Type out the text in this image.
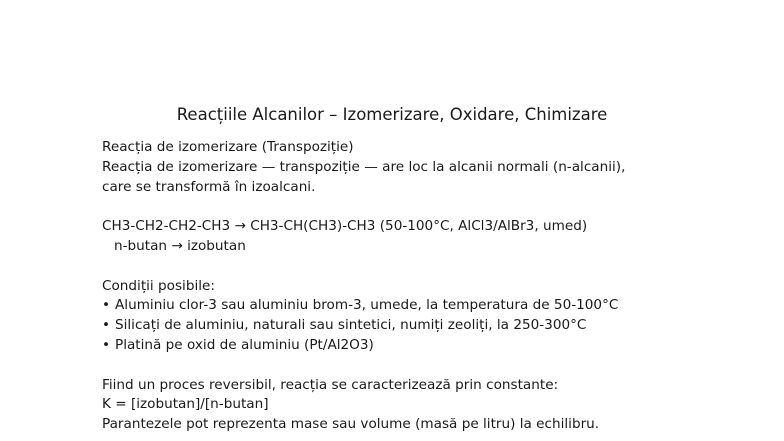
Reacțiile Alcanilor – Izomerizare, Oxidare, Chimizare
Reacția de izomerizare (Transpoziție)
Reacția de izomerizare — transpoziție — are loc la alcanii normali (n-alcanii),
care se transformă în izoalcani.
CH3-CH2-CH2-CH3 → CH3-CH(CH3)-CH3 (50-100°C, AlCl3/AlBr3, umed)
n-butan → izobutan
Condiții posibile:
• Aluminiu clor-3 sau aluminiu brom-3, umede, la temperatura de 50-100°C
• Silicați de aluminiu, naturali sau sintetici, numiți zeoliți, la 250-300°C
• Platină pe oxid de aluminiu (Pt/Al2O3)
Fiind un proces reversibil, reacția se caracterizează prin constante:
K = [izobutan]/[n-butan]
Parantezele pot reprezenta mase sau volume (masă pe litru) la echilibru.
